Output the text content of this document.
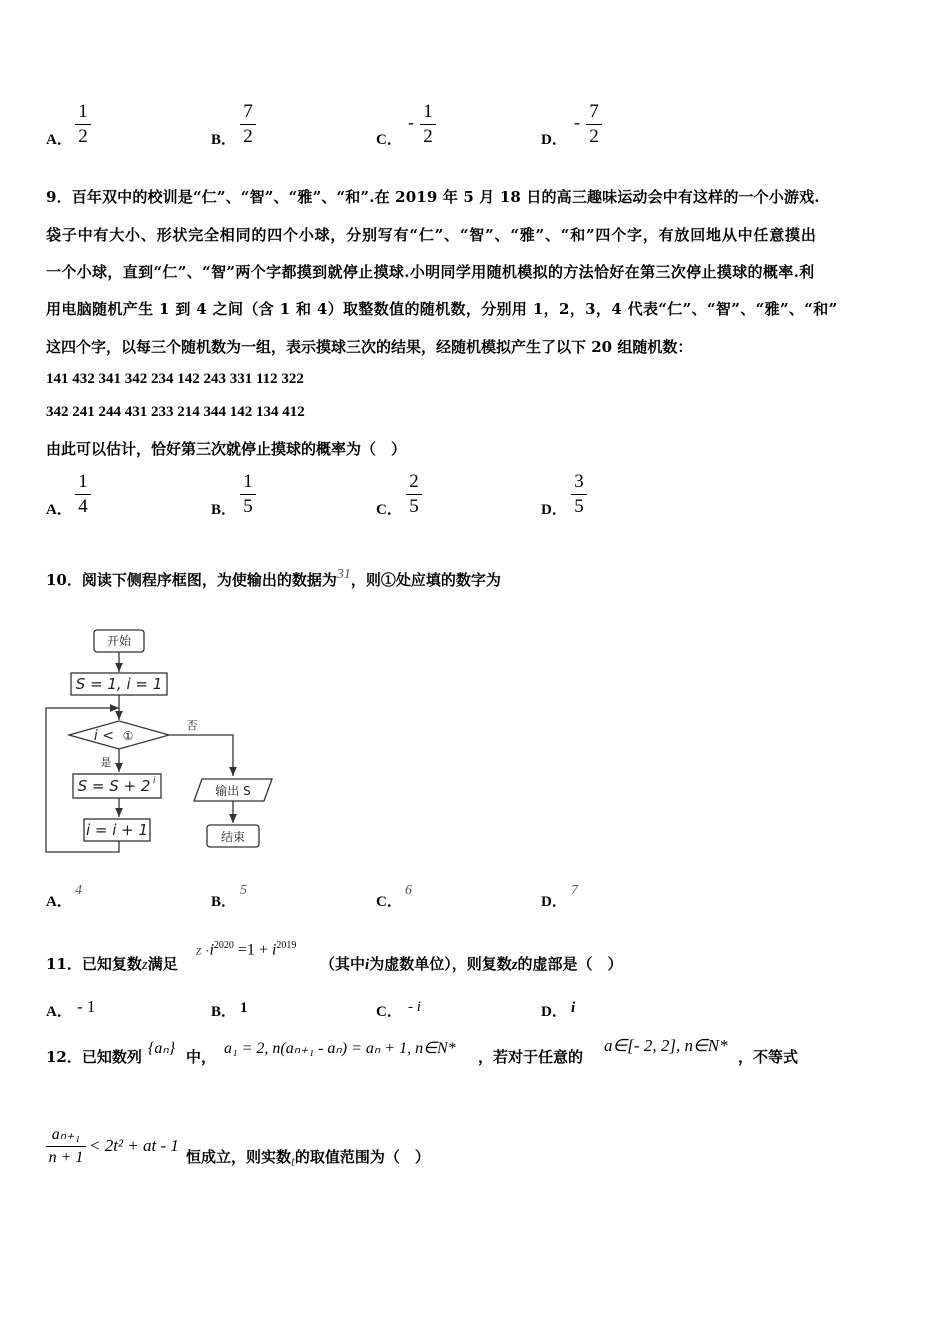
A．
1
2	B．
7
2	C．
- 1
2	D．
- 7
2
9．百年双中的校训是“仁”、“智”、“雅”、“和”.在 2019 年 5 月 18 日的高三趣味运动会中有这样的一个小游戏.
袋子中有大小、形状完全相同的四个小球，分别写有“仁”、“智”、“雅”、“和”四个字，有放回地从中任意摸出
一个小球，直到“仁”、“智”两个字都摸到就停止摸球.小明同学用随机模拟的方法恰好在第三次停止摸球的概率.利
用电脑随机产生 1 到 4 之间（含 1 和 4）取整数值的随机数，分别用 1，2，3，4 代表“仁”、“智”、“雅”、“和”
这四个字，以每三个随机数为一组，表示摸球三次的结果，经随机模拟产生了以下 20 组随机数：
141 432 341 342 234 142 243 331 112 322
342 241 244 431 233 214 344 142 134 412
由此可以估计，恰好第三次就停止摸球的概率为（　）
A．
1
4	B．
1
5	C．
2
5	D．
3
5
10．阅读下侧程序框图，为使输出的数据为31，则①处应填的数字为
开始
S = 1, i = 1
i < ①
否
是
S = S + 2 i
i = i + 1
输出 S
结束
A．
4
B．
5
C．
6
D．
7
11．已知复数z满足
$z \cdot i^{2020} =1 + i^{2019}$
（其中i为虚数单位），则复数z的虚部是（　）
A． - 1	B． 1	C． - i	D． i
12．已知数列 {aₙ} 中， a₁ = 2, n(aₙ₊₁ - aₙ) = aₙ + 1, n∈N* ，若对于任意的
a∈[- 2, 2], n∈N*
，不等式
aₙ₊₁
n + 1
< 2t² + at - 1
恒成立，则实数t的取值范围为（　）
